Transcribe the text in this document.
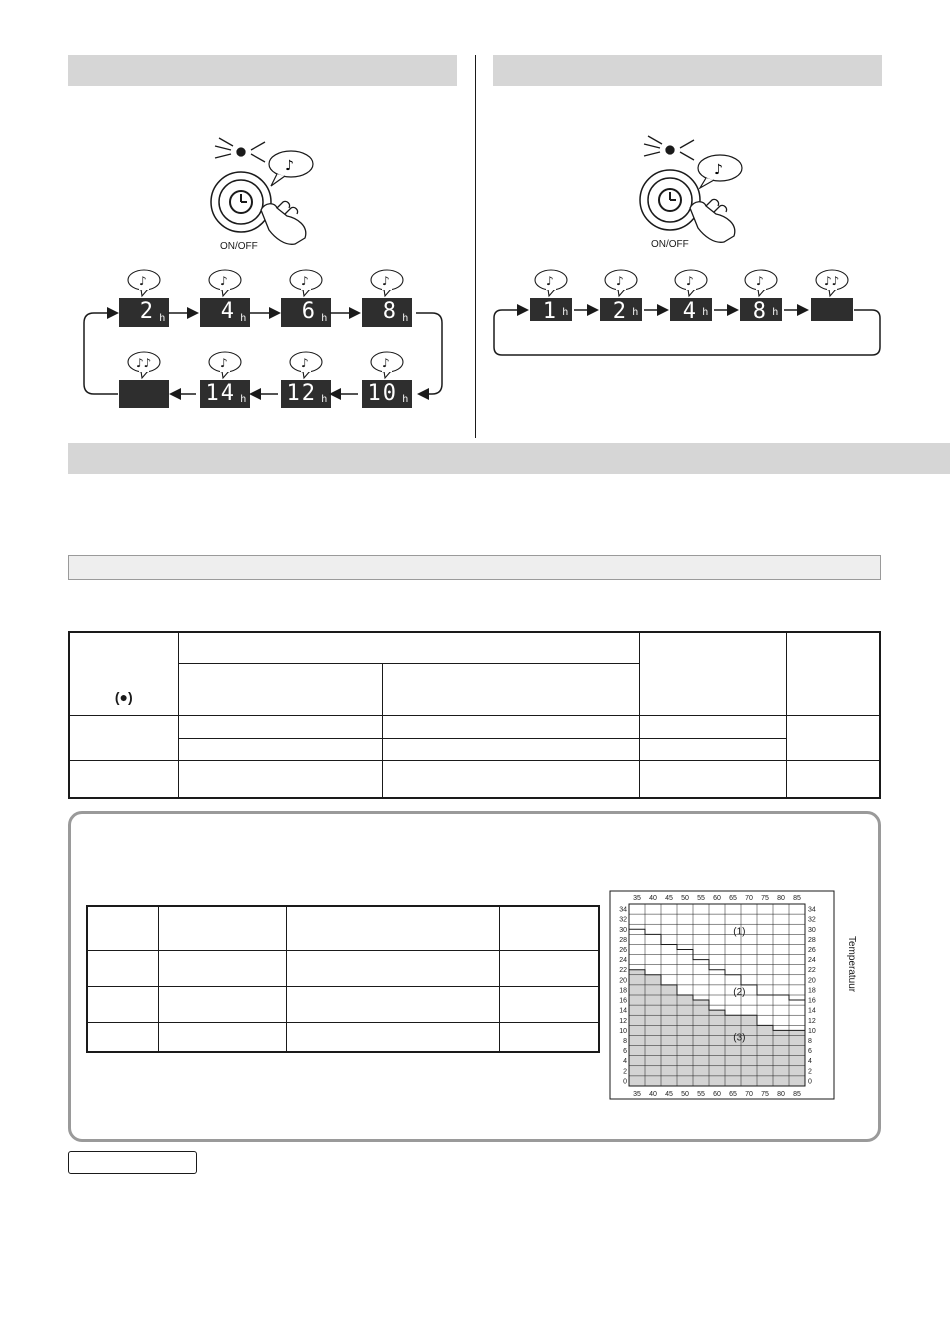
♪
ON/OFF
2 h
♪
4 h
♪
6 h
♪
8 h
♪
♪♪
14 h
♪
12 h
♪
10 h
♪
♪
ON/OFF
1 h
♪
2 h
♪
4 h
♪
8 h
♪	♪♪
(●)				

35
35
40
40
45
45
50
50
55
55
60
60
65
65
70
70
75
75
80
80
85
85
0	0
2	2
4	4
6	6
8	8
10	10
12	12
14	14
16	16
18	18
20	20
22	22
24	24
26	26
28	28
30	30
32	32
34	34
(1)
(2)
(3)
Temperatuur
